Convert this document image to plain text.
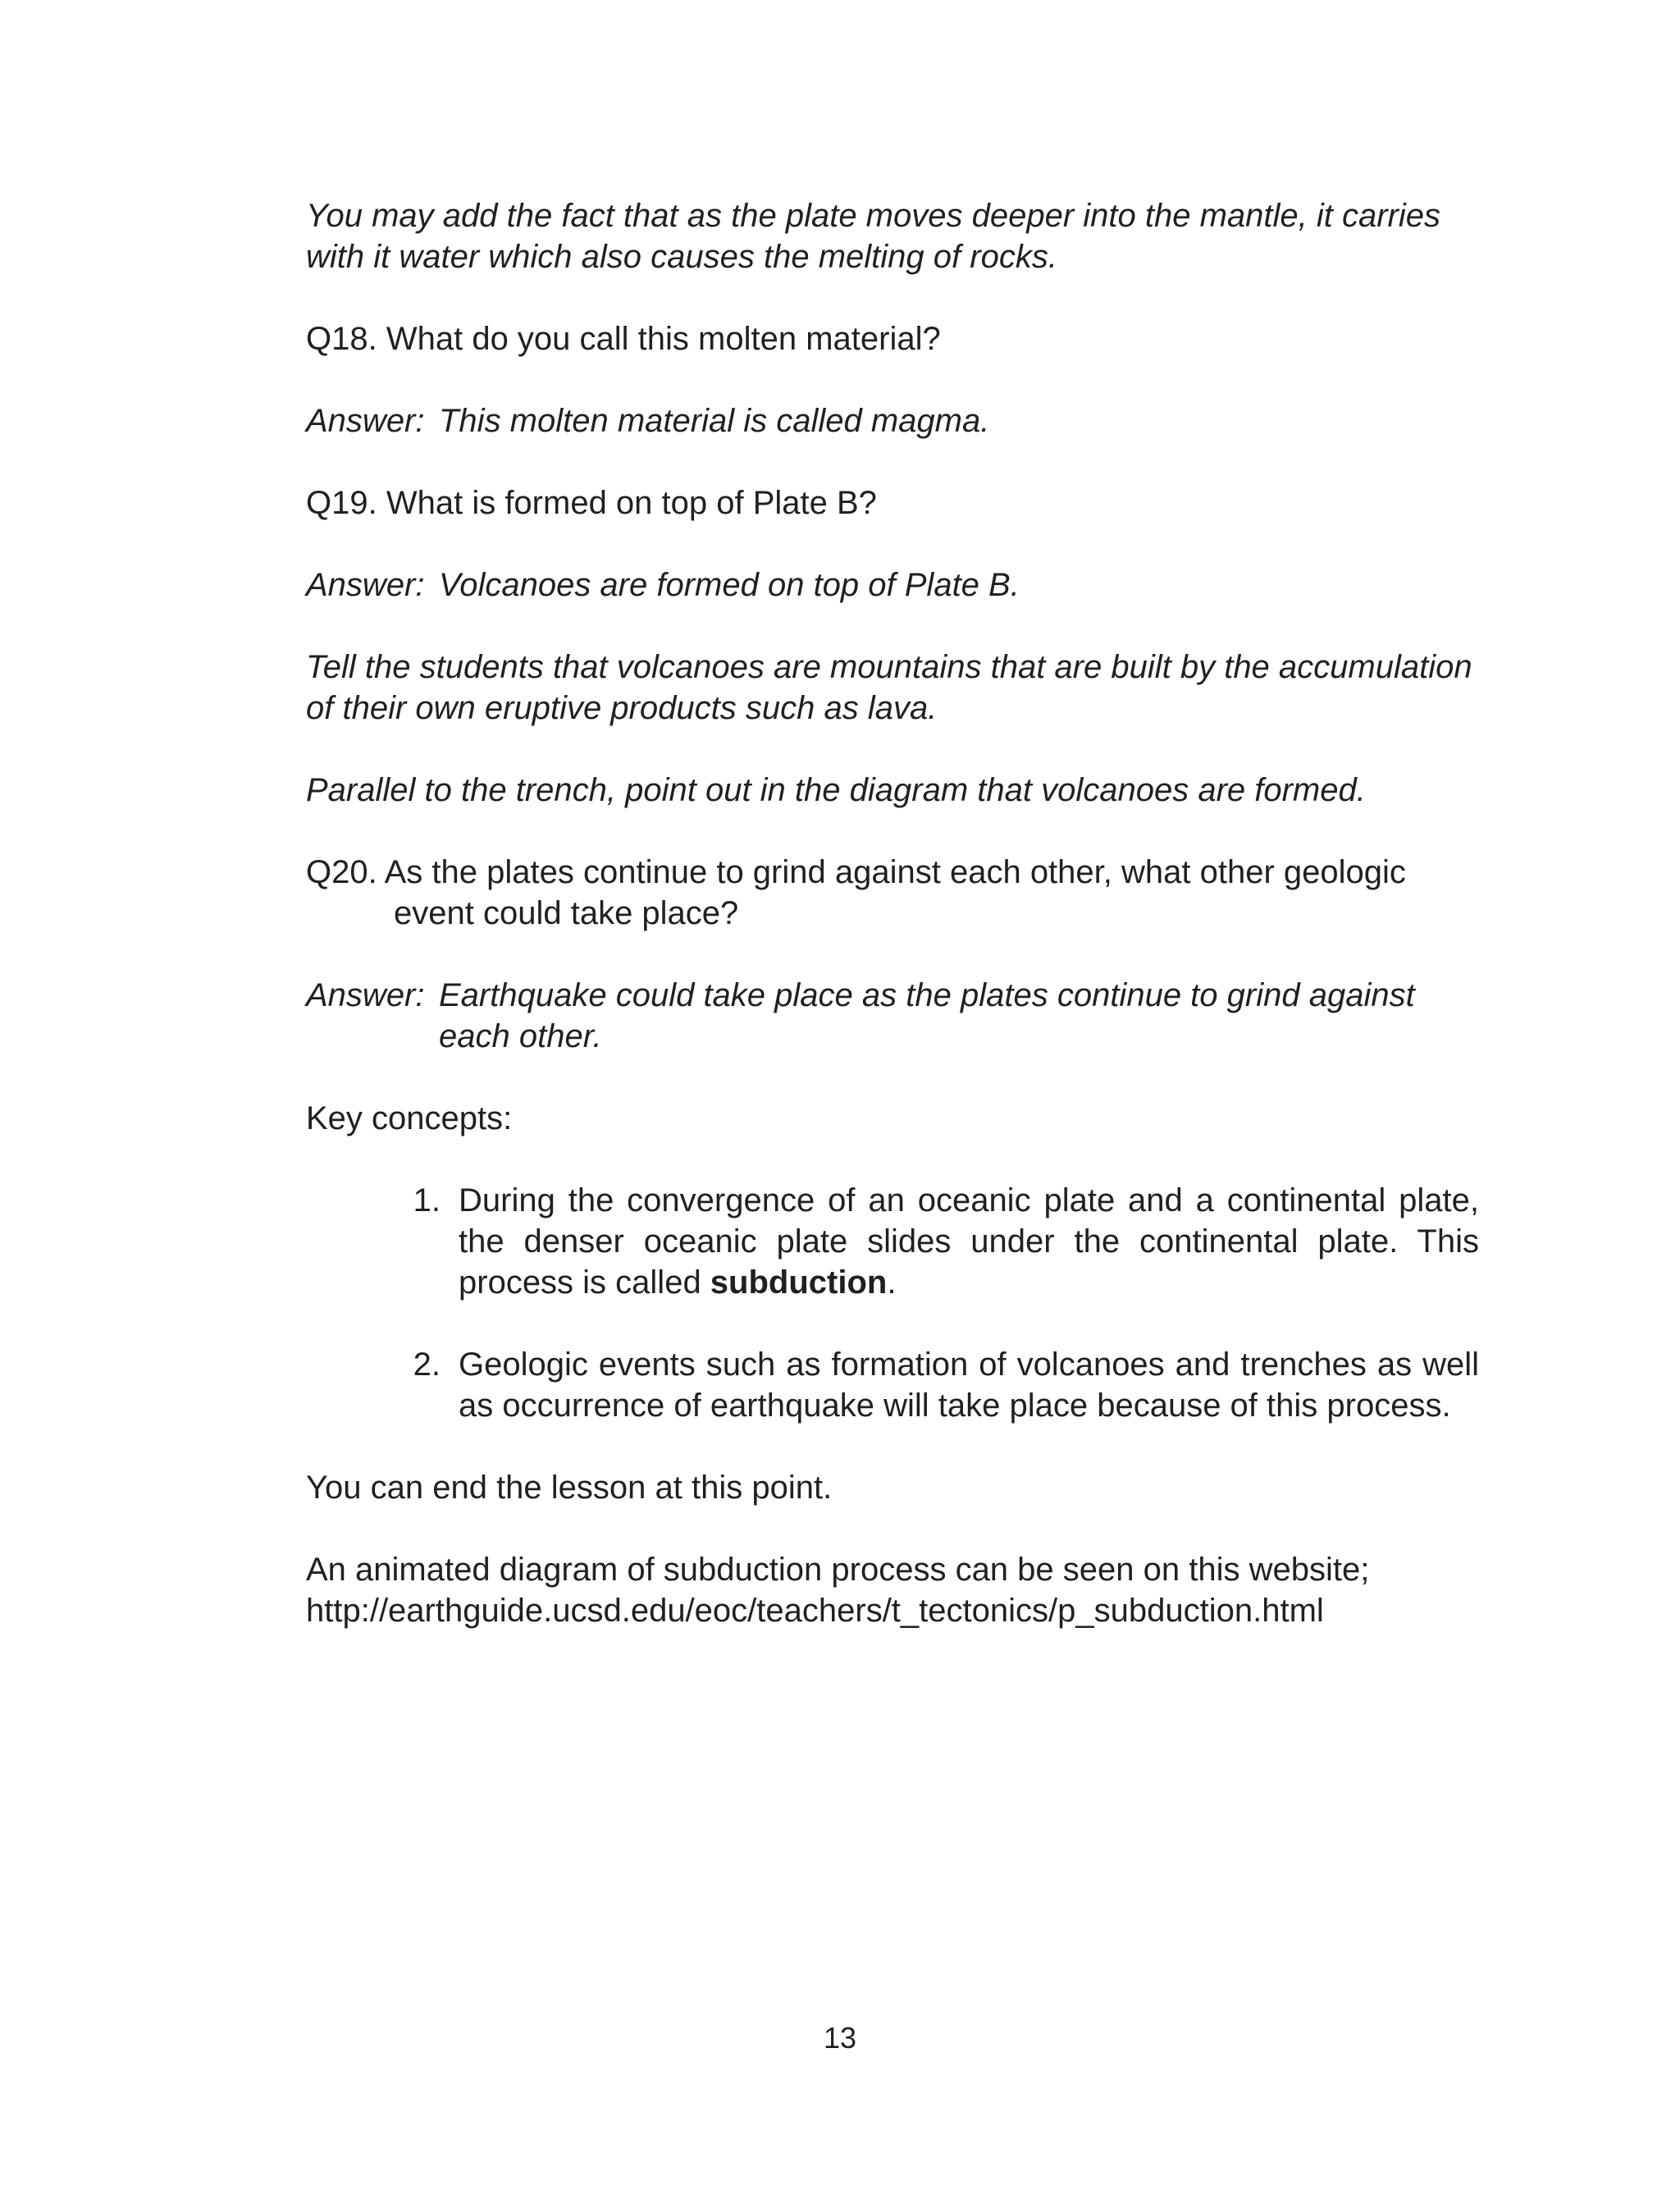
You may add the fact that as the plate moves deeper into the mantle, it carries with it water which also causes the melting of rocks.

Q18. What do you call this molten material?
Answer: This molten material is called magma.
Q19. What is formed on top of Plate B?
Answer: Volcanoes are formed on top of Plate B.

Tell the students that volcanoes are mountains that are built by the accumulation of their own eruptive products such as lava.

Parallel to the trench, point out in the diagram that volcanoes are formed.

Q20. As the plates continue to grind against each other, what other geologic event could take place?
Answer: Earthquake could take place as the plates continue to grind against each other.

Key concepts:

1. During the convergence of an oceanic plate and a continental plate, the denser oceanic plate slides under the continental plate. This process is called subduction.
2. Geologic events such as formation of volcanoes and trenches as well as occurrence of earthquake will take place because of this process.

You can end the lesson at this point.

An animated diagram of subduction process can be seen on this website;

http://earthguide.ucsd.edu/eoc/teachers/t_tectonics/p_subduction.html

13
